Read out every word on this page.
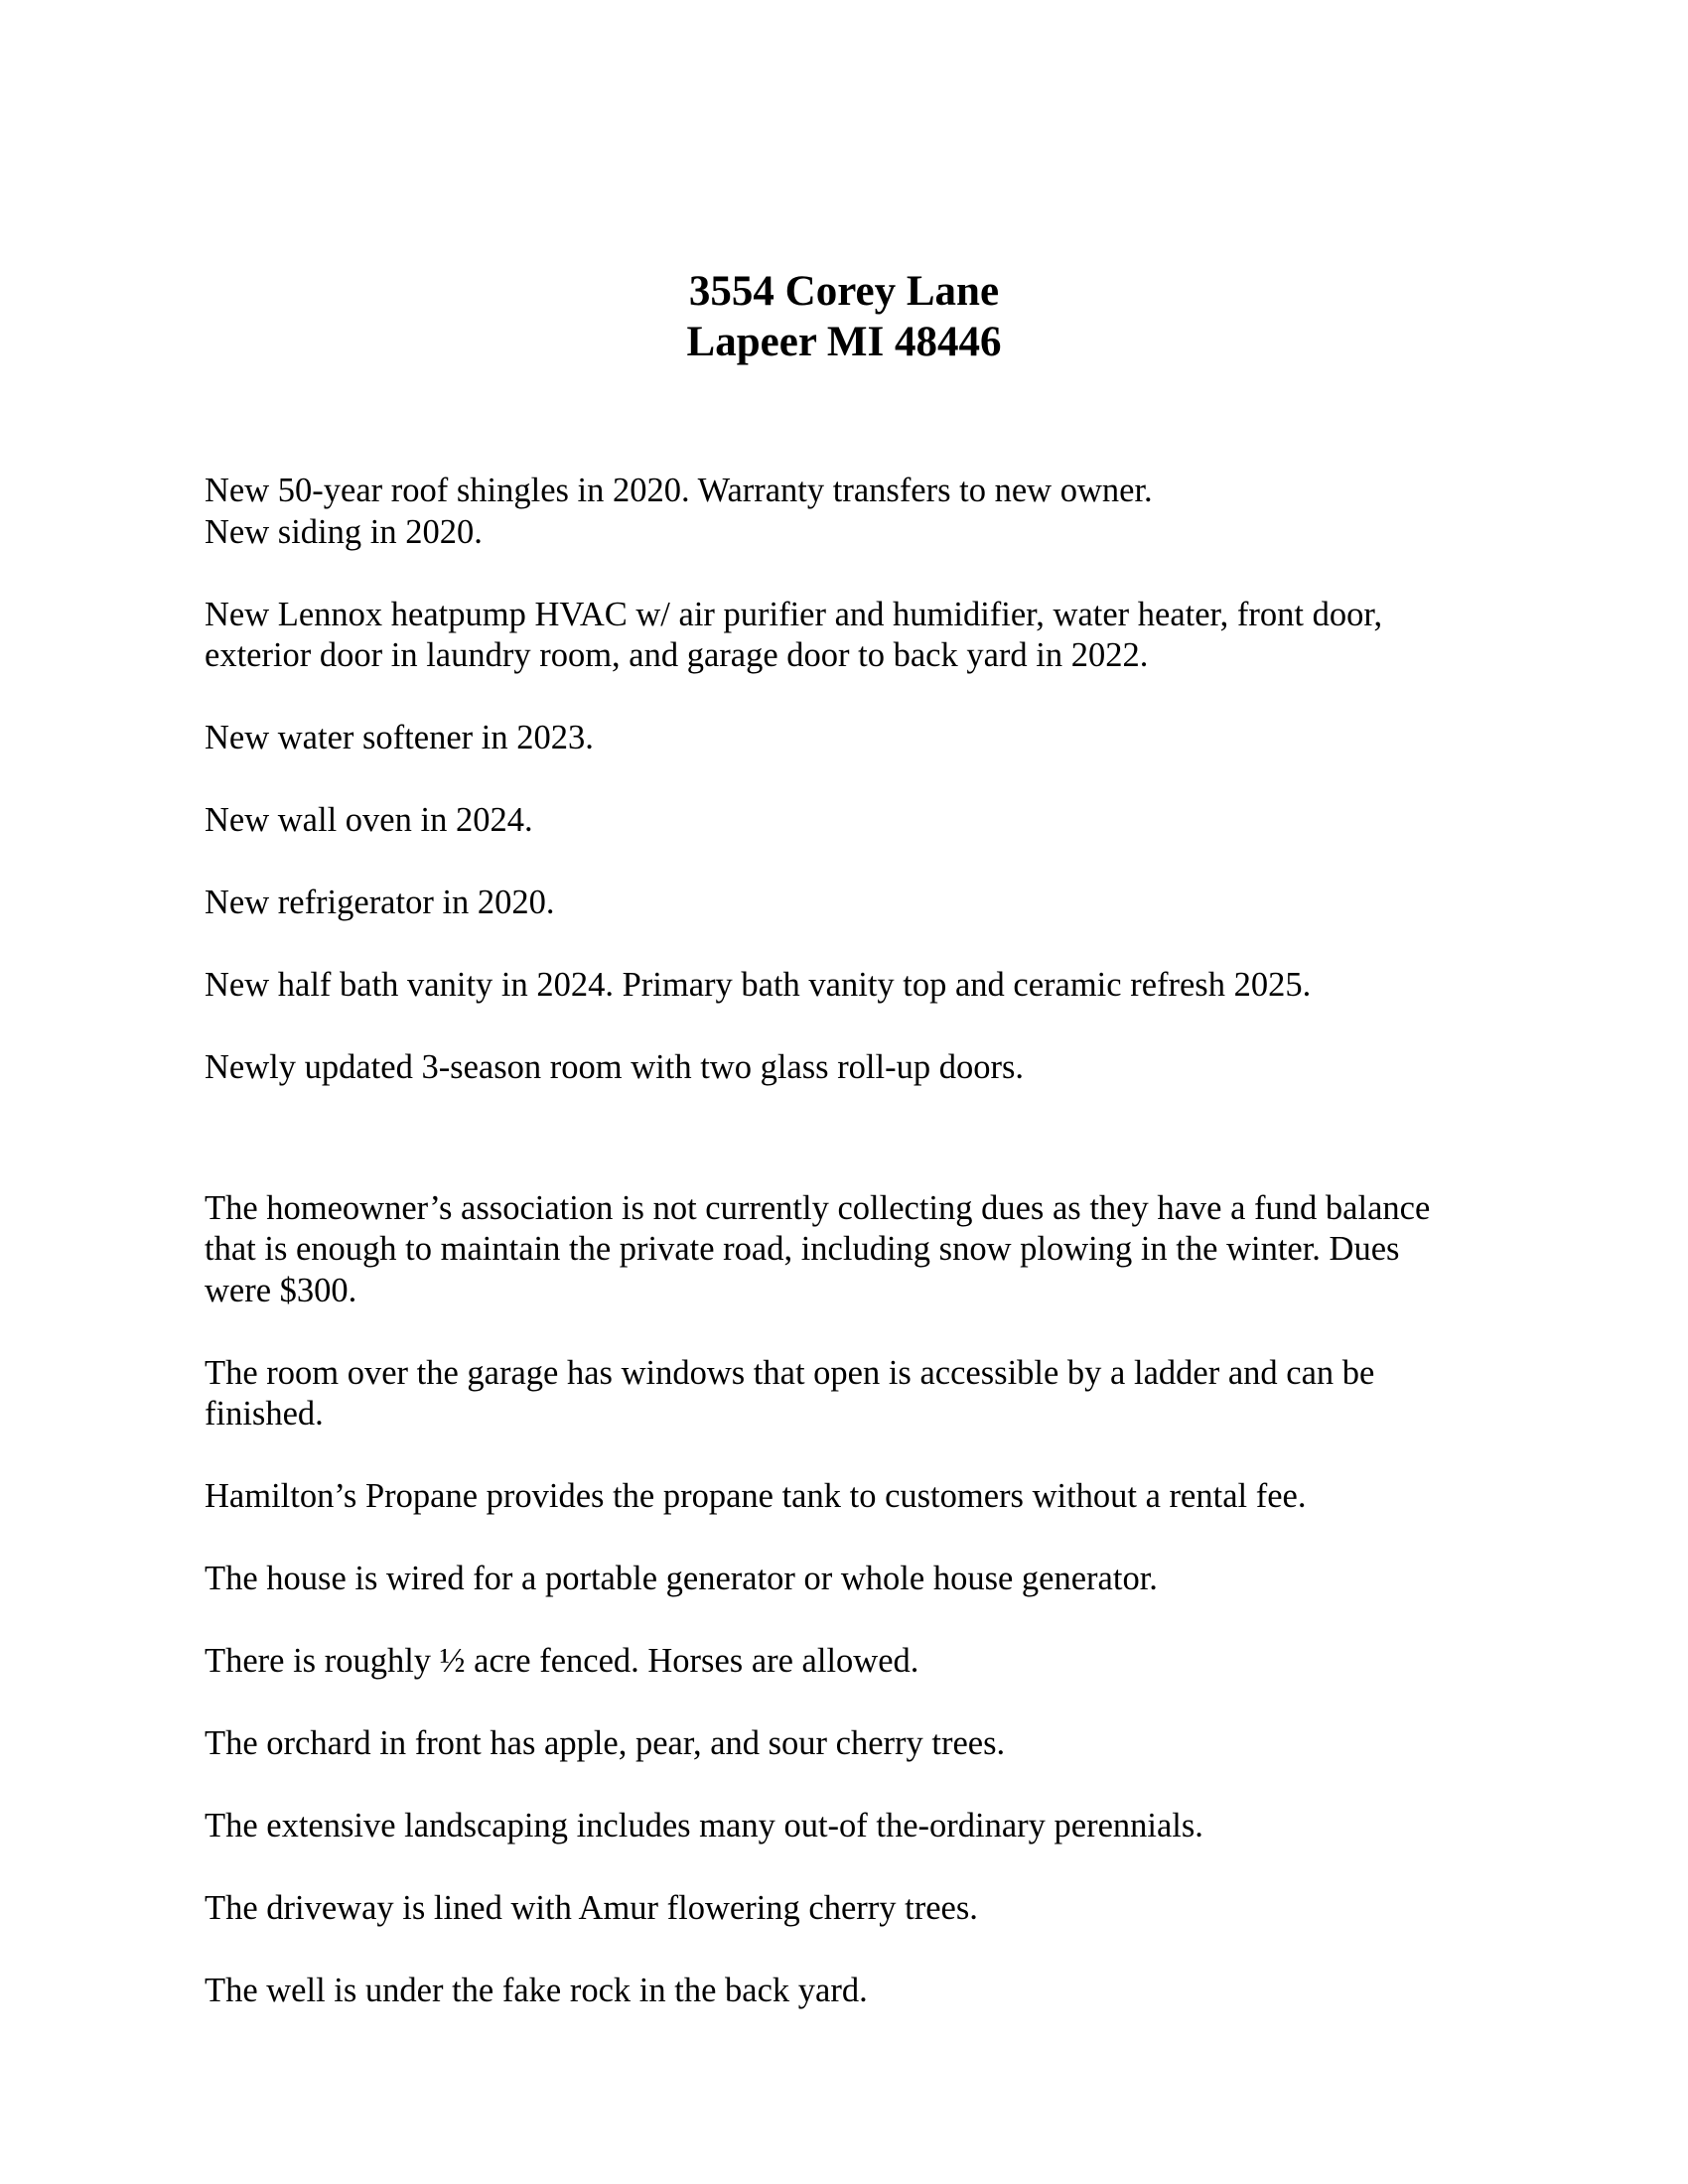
3554 Corey Lane
Lapeer MI 48446

New 50-year roof shingles in 2020. Warranty transfers to new owner.
New siding in 2020.

New Lennox heatpump HVAC w/ air purifier and humidifier, water heater, front door,
exterior door in laundry room, and garage door to back yard in 2022.

New water softener in 2023.

New wall oven in 2024.

New refrigerator in 2020.

New half bath vanity in 2024. Primary bath vanity top and ceramic refresh 2025.

Newly updated 3-season room with two glass roll-up doors.

The homeowner’s association is not currently collecting dues as they have a fund balance
that is enough to maintain the private road, including snow plowing in the winter. Dues
were $300.

The room over the garage has windows that open is accessible by a ladder and can be
finished.

Hamilton’s Propane provides the propane tank to customers without a rental fee.

The house is wired for a portable generator or whole house generator.

There is roughly ½ acre fenced. Horses are allowed.

The orchard in front has apple, pear, and sour cherry trees.

The extensive landscaping includes many out-of the-ordinary perennials.

The driveway is lined with Amur flowering cherry trees.

The well is under the fake rock in the back yard.
